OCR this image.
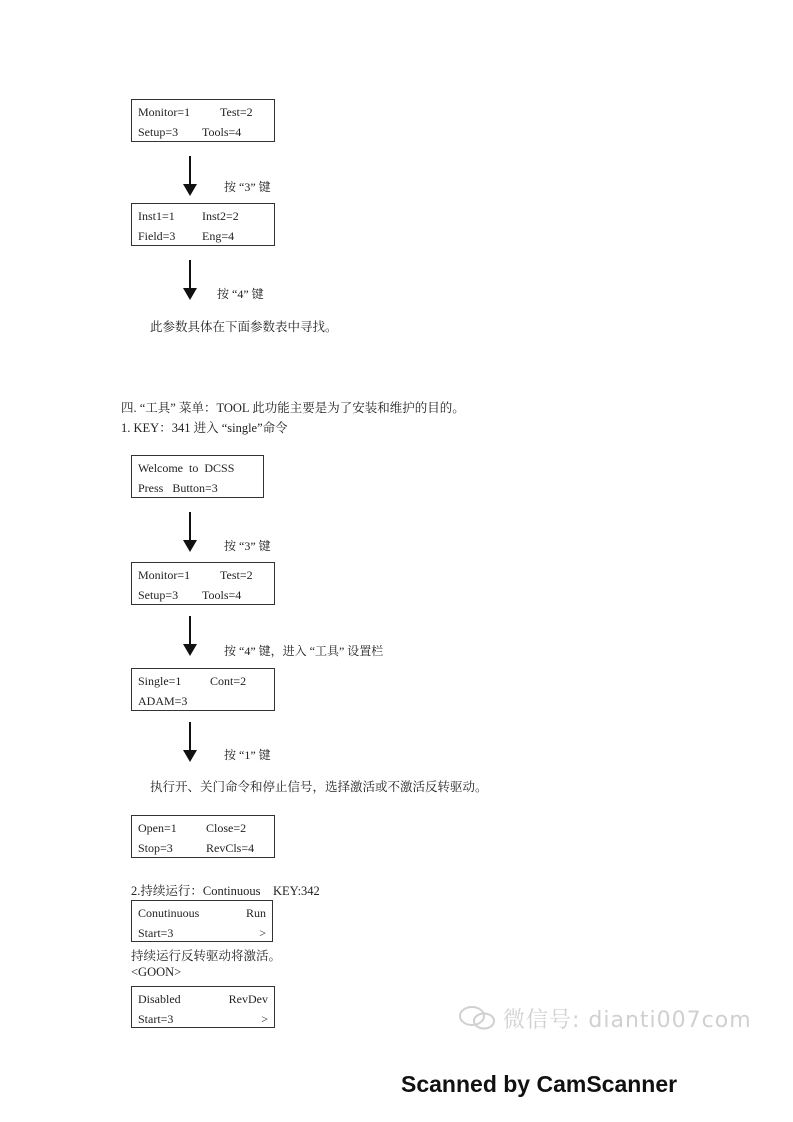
Monitor=1 Test=2
Setup=3 Tools=4
按 “3” 键
Inst1=1 Inst2=2
Field=3 Eng=4
按 “4” 键
此参数具体在下面参数表中寻找。
四. “工具” 菜单：TOOL 此功能主要是为了安装和维护的目的。
1. KEY：341 进入 “single”命令
Welcome  to  DCSS
Press   Button=3
按 “3” 键
Monitor=1 Test=2
Setup=3 Tools=4
按 “4” 键，进入 “工具” 设置栏
Single=1 Cont=2
ADAM=3
按 “1” 键
执行开、关门命令和停止信号，选择激活或不激活反转驱动。
Open=1 Close=2
Stop=3	RevCls=4
2.持续运行：Continuous    KEY:342
Conutinuous	Run
Start=3	>
持续运行反转驱动将激活。
<GOON>
Disabled	RevDev
Start=3	>	微信号: dianti007com
Scanned by CamScanner
